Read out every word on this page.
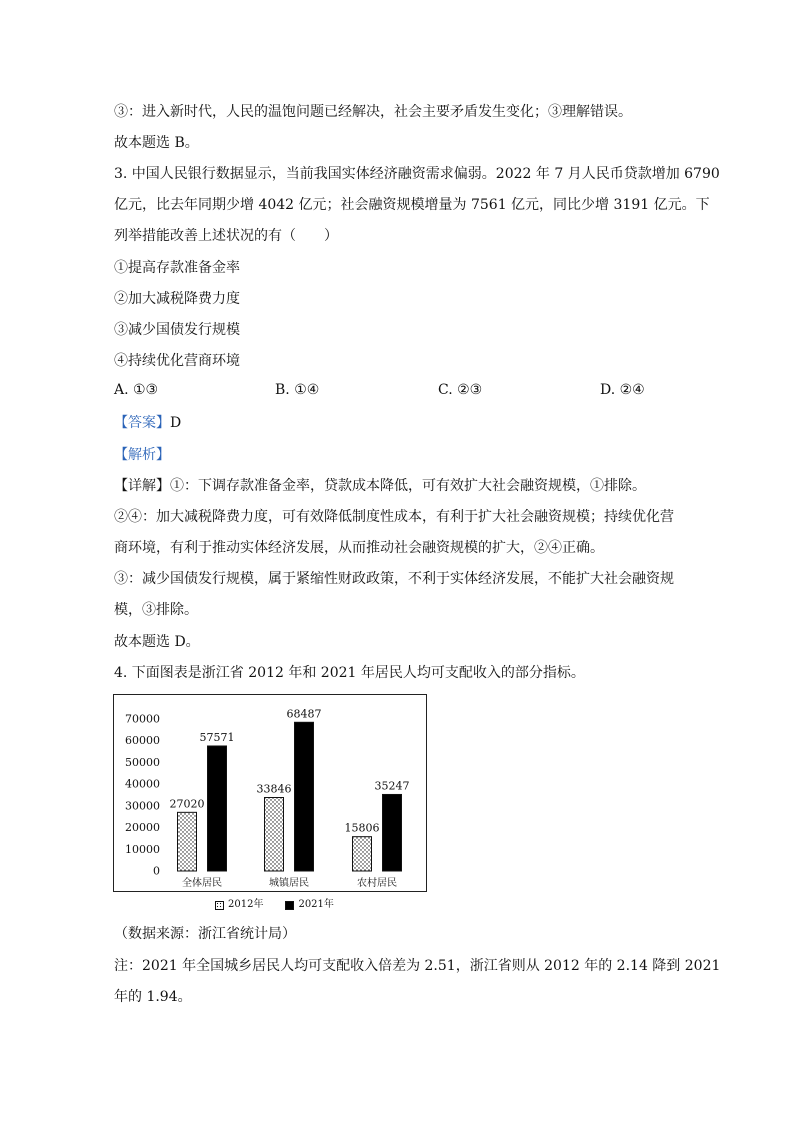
③：进入新时代，人民的温饱问题已经解决，社会主要矛盾发生变化；③理解错误。
故本题选 B。
3. 中国人民银行数据显示，当前我国实体经济融资需求偏弱。2022 年 7 月人民币贷款增加 6790
亿元，比去年同期少增 4042 亿元；社会融资规模增量为 7561 亿元，同比少增 3191 亿元。下
列举措能改善上述状况的有（　　）
①提高存款准备金率
②加大减税降费力度
③减少国债发行规模
④持续优化营商环境
A. ①③	B. ①④	C. ②③	D. ②④
【答案】D
【解析】
【详解】①：下调存款准备金率，贷款成本降低，可有效扩大社会融资规模，①排除。
②④：加大减税降费力度，可有效降低制度性成本，有利于扩大社会融资规模；持续优化营
商环境，有利于推动实体经济发展，从而推动社会融资规模的扩大，②④正确。
③：减少国债发行规模，属于紧缩性财政政策，不利于实体经济发展，不能扩大社会融资规
模，③排除。
故本题选 D。
4. 下面图表是浙江省 2012 年和 2021 年居民人均可支配收入的部分指标。
0
10000
20000
30000
40000
50000
60000
70000
27020
57571
全体居民
33846
68487
城镇居民
15806
35247
农村居民
2012年	2021年
（数据来源：浙江省统计局）
注：2021 年全国城乡居民人均可支配收入倍差为 2.51，浙江省则从 2012 年的 2.14 降到 2021
年的 1.94。
